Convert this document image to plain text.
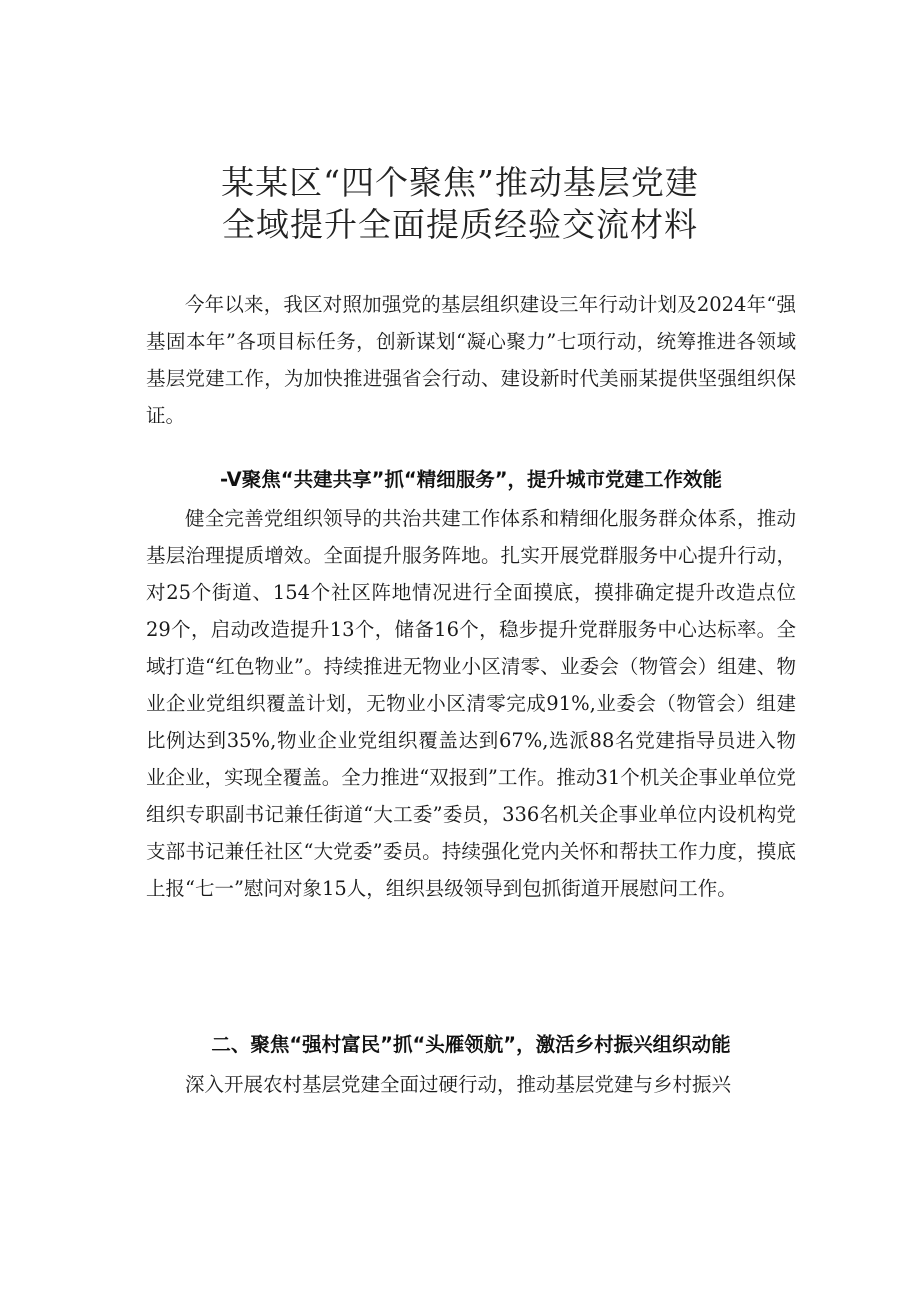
某某区“四个聚焦”推动基层党建
全域提升全面提质经验交流材料

今年以来，我区对照加强党的基层组织建设三年行动计划及2024年“强基固本年”各项目标任务，创新谋划“凝心聚力”七项行动，统筹推进各领域基层党建工作，为加快推进强省会行动、建设新时代美丽某提供坚强组织保证。

-V聚焦“共建共享”抓“精细服务”，提升城市党建工作效能

健全完善党组织领导的共治共建工作体系和精细化服务群众体系，推动基层治理提质增效。全面提升服务阵地。扎实开展党群服务中心提升行动，对25个街道、154个社区阵地情况进行全面摸底，摸排确定提升改造点位29个，启动改造提升13个，储备16个，稳步提升党群服务中心达标率。全域打造“红色物业”。持续推进无物业小区清零、业委会（物管会）组建、物业企业党组织覆盖计划，无物业小区清零完成91%,业委会（物管会）组建比例达到35%,物业企业党组织覆盖达到67%,选派88名党建指导员进入物业企业，实现全覆盖。全力推进“双报到”工作。推动31个机关企事业单位党组织专职副书记兼任街道“大工委”委员，336名机关企事业单位内设机构党支部书记兼任社区“大党委”委员。持续强化党内关怀和帮扶工作力度，摸底上报“七一”慰问对象15人，组织县级领导到包抓街道开展慰问工作。

二、聚焦“强村富民”抓“头雁领航”，激活乡村振兴组织动能

深入开展农村基层党建全面过硬行动，推动基层党建与乡村振兴
